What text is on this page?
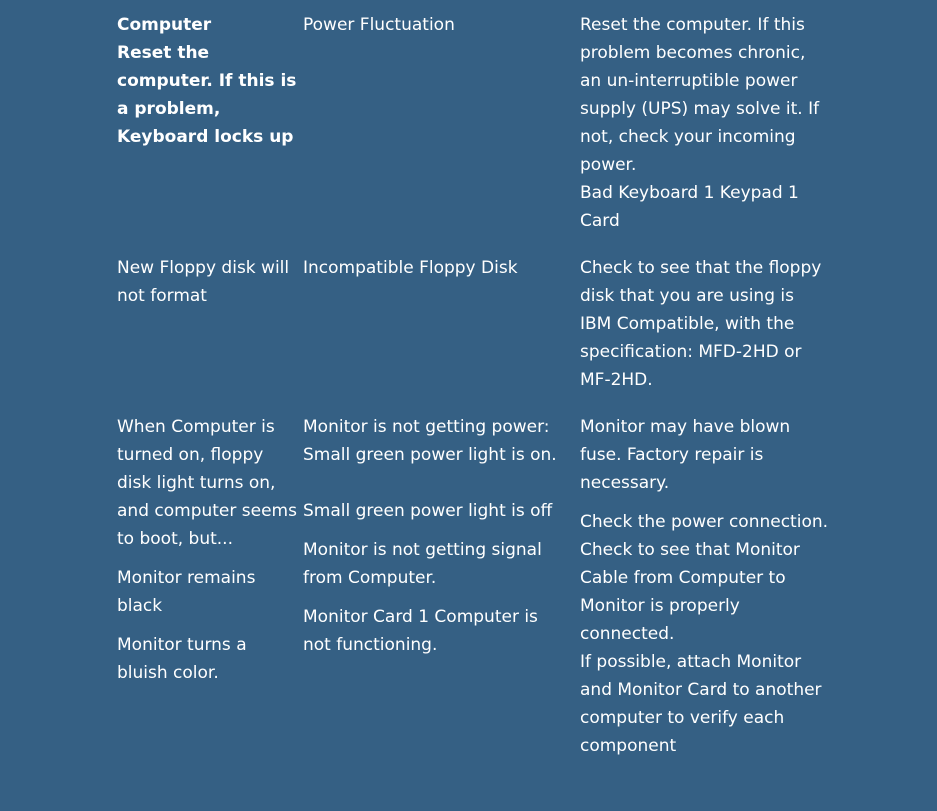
Computer

Reset the computer. If this is a problem, Keyboard locks up

Power Fluctuation	Reset the computer. If this problem becomes chronic, an un-interruptible power supply (UPS) may solve it. If not, check your incoming power.

Bad Keyboard 1 Keypad 1 Card

New Floppy disk will not format

Incompatible Floppy Disk	Check to see that the floppy disk that you are using is IBM Compatible, with the specification: MFD-2HD or MF-2HD.

When Computer is turned on, floppy disk light turns on, and computer seems to boot, but...

Monitor remains black

Monitor turns a bluish color.

Monitor is not getting power: Small green power light is on.

Small green power light is off

Monitor is not getting signal from Computer.

Monitor Card 1 Computer is not functioning.

Monitor may have blown fuse. Factory repair is necessary.

Check the power connection.

Check to see that Monitor Cable from Computer to Monitor is properly connected.

If possible, attach Monitor and Monitor Card to another computer to verify each component
